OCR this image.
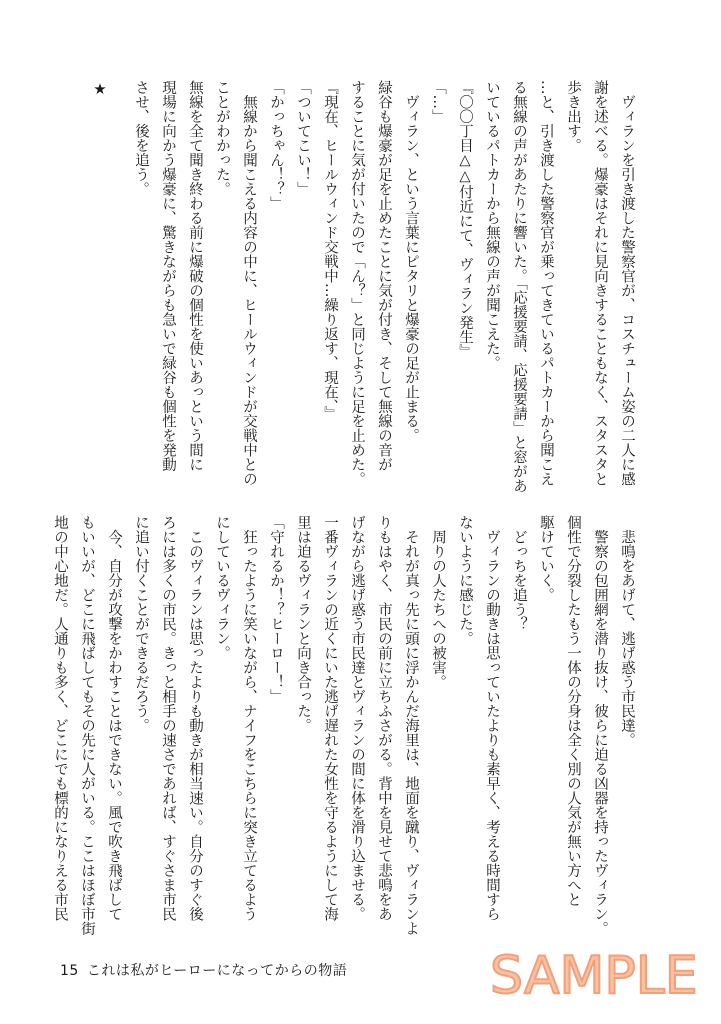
　ヴィランを引き渡した警察官が、コスチューム姿の二人に感
謝を述べる。爆豪はそれに見向きすることもなく、スタスタと
歩き出す。
…と、引き渡した警察官が乗ってきているパトカーから聞こえ
る無線の声があたりに響いた。「応援要請、応援要請」と窓があ
いているパトカーから無線の声が聞こえた。
『〇〇丁目△△付近にて、ヴィラン発生』
「…」
　ヴィラン、という言葉にピタリと爆豪の足が止まる。
緑谷も爆豪が足を止めたことに気が付き、そして無線の音が
することに気が付いたので「ん？」と同じように足を止めた。
『現在、ヒールウィンド交戦中…繰り返す、現在、』
「ついてこい！」
「かっちゃん！？」
　無線から聞こえる内容の中に、ヒールウィンドが交戦中との
ことがわかった。
無線を全て聞き終わる前に爆破の個性を使いあっという間に
現場に向かう爆豪に、驚きながらも急いで緑谷も個性を発動
させ、後を追う。
★
　悲鳴をあげて、逃げ惑う市民達。
　警察の包囲網を潜り抜け、彼らに迫る凶器を持ったヴィラン。
個性で分裂したもう一体の分身は全く別の人気が無い方へと
駆けていく。
　どっちを追う？
　ヴィランの動きは思っていたよりも素早く、考える時間すら
ないように感じた。
　周りの人たちへの被害。
　それが真っ先に頭に浮かんだ海里は、地面を蹴り、ヴィランよ
りもはやく、市民の前に立ちふさがる。背中を見せて悲鳴をあ
げながら逃げ惑う市民達とヴィランの間に体を滑り込ませる。
一番ヴィランの近くにいた逃げ遅れた女性を守るようにして海
里は迫るヴィランと向き合った。
「守れるか！？ヒーロー！」
　狂ったように笑いながら、ナイフをこちらに突き立てるよう
にしているヴィラン。
　このヴィランは思ったよりも動きが相当速い。自分のすぐ後
ろには多くの市民。きっと相手の速さであれば、すぐさま市民
に追い付くことができるだろう。
　今、自分が攻撃をかわすことはできない。風で吹き飛ばして
もいいが、どこに飛ばしてもその先に人がいる。ここはほぼ市街
地の中心地だ。人通りも多く、どこにでも標的になりえる市民
15 これは私がヒーローになってからの物語	SAMPLE
